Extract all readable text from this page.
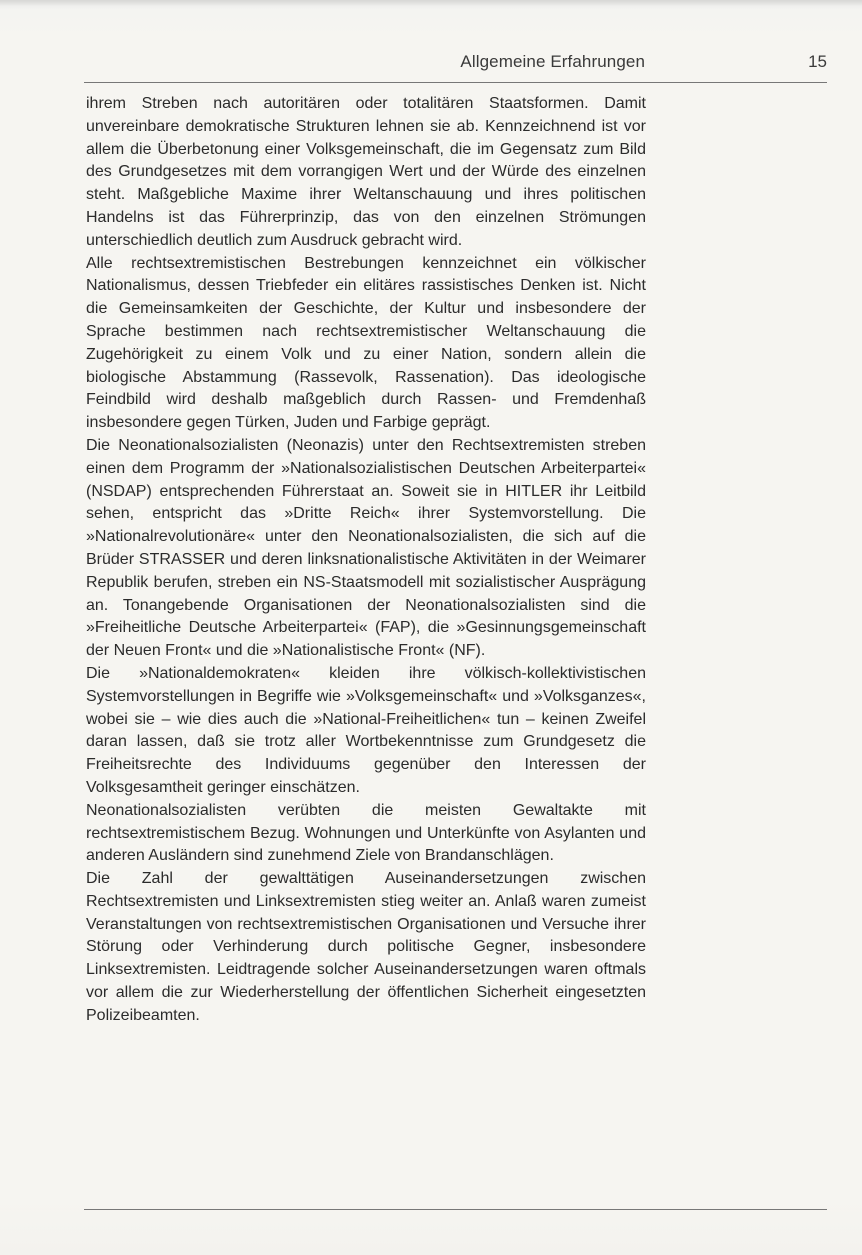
Allgemeine Erfahrungen	15

ihrem Streben nach autoritären oder totalitären Staatsformen. Damit unvereinbare demokratische Strukturen lehnen sie ab. Kennzeichnend ist vor allem die Überbetonung einer Volksgemeinschaft, die im Gegensatz zum Bild des Grundgesetzes mit dem vorrangigen Wert und der Würde des einzelnen steht. Maßgebliche Maxime ihrer Weltanschauung und ihres politischen Handelns ist das Führerprinzip, das von den einzelnen Strömungen unterschiedlich deutlich zum Ausdruck gebracht wird.

Alle rechtsextremistischen Bestrebungen kennzeichnet ein völkischer Nationalismus, dessen Triebfeder ein elitäres rassistisches Denken ist. Nicht die Gemeinsamkeiten der Geschichte, der Kultur und insbesondere der Sprache bestimmen nach rechtsextremistischer Weltanschauung die Zugehörigkeit zu einem Volk und zu einer Nation, sondern allein die biologische Abstammung (Rassevolk, Rassenation). Das ideologische Feindbild wird deshalb maßgeblich durch Rassen- und Fremdenhaß insbesondere gegen Türken, Juden und Farbige geprägt.

Die Neonationalsozialisten (Neonazis) unter den Rechtsextremisten streben einen dem Programm der »Nationalsozialistischen Deutschen Arbeiterpartei« (NSDAP) entsprechenden Führerstaat an. Soweit sie in HITLER ihr Leitbild sehen, entspricht das »Dritte Reich« ihrer Systemvorstellung. Die »Nationalrevolutionäre« unter den Neonationalsozialisten, die sich auf die Brüder STRASSER und deren linksnationalistische Aktivitäten in der Weimarer Republik berufen, streben ein NS-Staatsmodell mit sozialistischer Ausprägung an. Tonangebende Organisationen der Neonationalsozialisten sind die »Freiheitliche Deutsche Arbeiterpartei« (FAP), die »Gesinnungsgemeinschaft der Neuen Front« und die »Nationalistische Front« (NF).

Die »Nationaldemokraten« kleiden ihre völkisch-kollektivistischen Systemvorstellungen in Begriffe wie »Volksgemeinschaft« und »Volksganzes«, wobei sie – wie dies auch die »National-Freiheitlichen« tun – keinen Zweifel daran lassen, daß sie trotz aller Wortbekenntnisse zum Grundgesetz die Freiheitsrechte des Individuums gegenüber den Interessen der Volksgesamtheit geringer einschätzen.

Neonationalsozialisten verübten die meisten Gewaltakte mit rechtsextremistischem Bezug. Wohnungen und Unterkünfte von Asylanten und anderen Ausländern sind zunehmend Ziele von Brandanschlägen.

Die Zahl der gewalttätigen Auseinandersetzungen zwischen Rechtsextremisten und Linksextremisten stieg weiter an. Anlaß waren zumeist Veranstaltungen von rechtsextremistischen Organisationen und Versuche ihrer Störung oder Verhinderung durch politische Gegner, insbesondere Linksextremisten. Leidtragende solcher Auseinandersetzungen waren oftmals vor allem die zur Wiederherstellung der öffentlichen Sicherheit eingesetzten Polizeibeamten.
